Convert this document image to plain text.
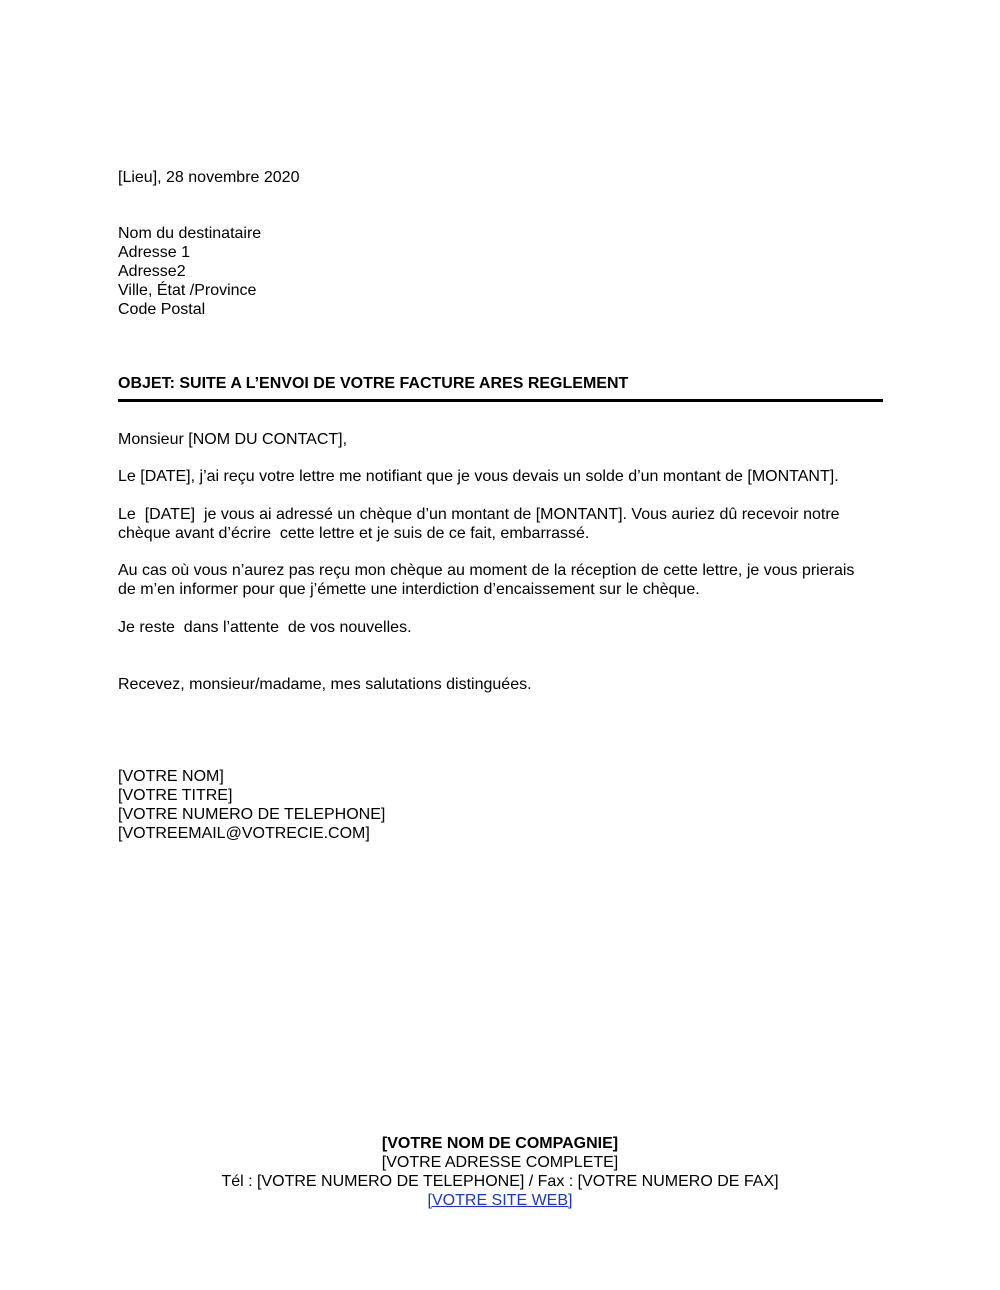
[Lieu], 28 novembre 2020
Nom du destinataire
Adresse 1
Adresse2
Ville, État /Province
Code Postal
OBJET: SUITE A L’ENVOI DE VOTRE FACTURE ARES REGLEMENT
Monsieur [NOM DU CONTACT],
Le [DATE], j’ai reçu votre lettre me notifiant que je vous devais un solde d’un montant de [MONTANT].
Le  [DATE]  je vous ai adressé un chèque d’un montant de [MONTANT]. Vous auriez dû recevoir notre
chèque avant d’écrire  cette lettre et je suis de ce fait, embarrassé.
Au cas où vous n’aurez pas reçu mon chèque au moment de la réception de cette lettre, je vous prierais
de m’en informer pour que j’émette une interdiction d’encaissement sur le chèque.
Je reste  dans l’attente  de vos nouvelles.
Recevez, monsieur/madame, mes salutations distinguées.
[VOTRE NOM]
[VOTRE TITRE]
[VOTRE NUMERO DE TELEPHONE]
[VOTREEMAIL@VOTRECIE.COM]
[VOTRE NOM DE COMPAGNIE]
[VOTRE ADRESSE COMPLETE]
Tél : [VOTRE NUMERO DE TELEPHONE] / Fax : [VOTRE NUMERO DE FAX]
[VOTRE SITE WEB]
